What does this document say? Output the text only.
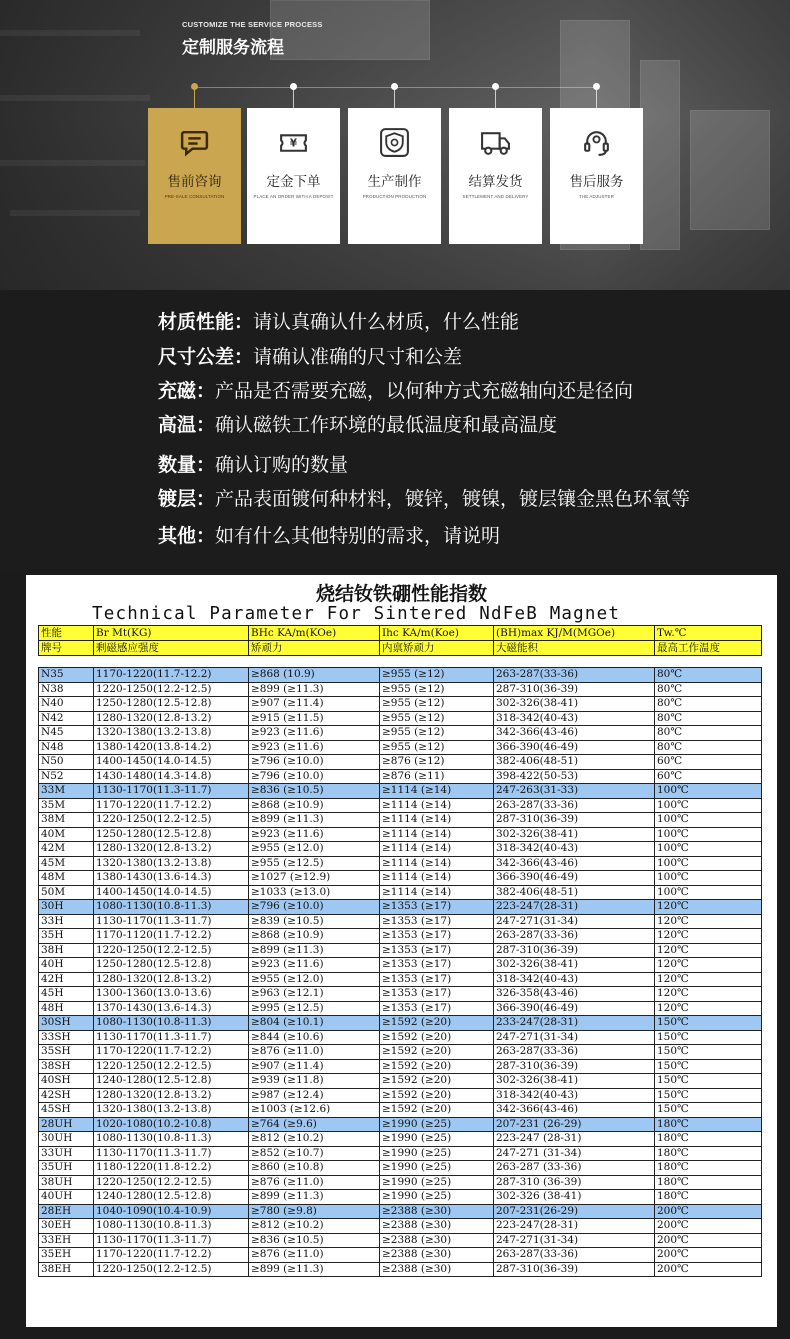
CUSTOMIZE THE SERVICE PROCESS
定制服务流程
售前咨询
PRE-SALE CONSULTATION
¥
定金下单
PLACE AN ORDER WITH A DEPOSIT
生产制作
PRODUCTION PRODUCTION
结算发货
SETTLEMENT AND DELIVERY
售后服务
THE ADJUSTER
材质性能：请认真确认什么材质，什么性能
尺寸公差：请确认准确的尺寸和公差
充磁：产品是否需要充磁，以何种方式充磁轴向还是径向
高温：确认磁铁工作环境的最低温度和最高温度
数量：确认订购的数量
镀层：产品表面镀何种材料，镀锌，镀镍，镀层镶金黑色环氧等
其他：如有什么其他特别的需求，请说明
烧结钕铁硼性能指数
Technical Parameter For Sintered NdFeB Magnet
性能	Br Mt(KG)	BHc KA/m(KOe)	Ihc KA/m(Koe)	(BH)max KJ/M(MGOe)	Tw.℃
牌号	剩磁感应强度	矫顽力	内禀矫顽力	大磁能积	最高工作温度

N35	1170-1220(11.7-12.2)	≥868 (10.9)	≥955 (≥12)	263-287(33-36)	80℃
N38	1220-1250(12.2-12.5)	≥899 (≥11.3)	≥955 (≥12)	287-310(36-39)	80℃
N40	1250-1280(12.5-12.8)	≥907 (≥11.4)	≥955 (≥12)	302-326(38-41)	80℃
N42	1280-1320(12.8-13.2)	≥915 (≥11.5)	≥955 (≥12)	318-342(40-43)	80℃
N45	1320-1380(13.2-13.8)	≥923 (≥11.6)	≥955 (≥12)	342-366(43-46)	80℃
N48	1380-1420(13.8-14.2)	≥923 (≥11.6)	≥955 (≥12)	366-390(46-49)	80℃
N50	1400-1450(14.0-14.5)	≥796 (≥10.0)	≥876 (≥12)	382-406(48-51)	60℃
N52	1430-1480(14.3-14.8)	≥796 (≥10.0)	≥876 (≥11)	398-422(50-53)	60℃
33M	1130-1170(11.3-11.7)	≥836 (≥10.5)	≥1114 (≥14)	247-263(31-33)	100℃
35M	1170-1220(11.7-12.2)	≥868 (≥10.9)	≥1114 (≥14)	263-287(33-36)	100℃
38M	1220-1250(12.2-12.5)	≥899 (≥11.3)	≥1114 (≥14)	287-310(36-39)	100℃
40M	1250-1280(12.5-12.8)	≥923 (≥11.6)	≥1114 (≥14)	302-326(38-41)	100℃
42M	1280-1320(12.8-13.2)	≥955 (≥12.0)	≥1114 (≥14)	318-342(40-43)	100℃
45M	1320-1380(13.2-13.8)	≥955 (≥12.5)	≥1114 (≥14)	342-366(43-46)	100℃
48M	1380-1430(13.6-14.3)	≥1027 (≥12.9)	≥1114 (≥14)	366-390(46-49)	100℃
50M	1400-1450(14.0-14.5)	≥1033 (≥13.0)	≥1114 (≥14)	382-406(48-51)	100℃
30H	1080-1130(10.8-11.3)	≥796 (≥10.0)	≥1353 (≥17)	223-247(28-31)	120℃
33H	1130-1170(11.3-11.7)	≥839 (≥10.5)	≥1353 (≥17)	247-271(31-34)	120℃
35H	1170-1120(11.7-12.2)	≥868 (≥10.9)	≥1353 (≥17)	263-287(33-36)	120℃
38H	1220-1250(12.2-12.5)	≥899 (≥11.3)	≥1353 (≥17)	287-310(36-39)	120℃
40H	1250-1280(12.5-12.8)	≥923 (≥11.6)	≥1353 (≥17)	302-326(38-41)	120℃
42H	1280-1320(12.8-13.2)	≥955 (≥12.0)	≥1353 (≥17)	318-342(40-43)	120℃
45H	1300-1360(13.0-13.6)	≥963 (≥12.1)	≥1353 (≥17)	326-358(43-46)	120℃
48H	1370-1430(13.6-14.3)	≥995 (≥12.5)	≥1353 (≥17)	366-390(46-49)	120℃
30SH	1080-1130(10.8-11.3)	≥804 (≥10.1)	≥1592 (≥20)	233-247(28-31)	150℃
33SH	1130-1170(11.3-11.7)	≥844 (≥10.6)	≥1592 (≥20)	247-271(31-34)	150℃
35SH	1170-1220(11.7-12.2)	≥876 (≥11.0)	≥1592 (≥20)	263-287(33-36)	150℃
38SH	1220-1250(12.2-12.5)	≥907 (≥11.4)	≥1592 (≥20)	287-310(36-39)	150℃
40SH	1240-1280(12.5-12.8)	≥939 (≥11.8)	≥1592 (≥20)	302-326(38-41)	150℃
42SH	1280-1320(12.8-13.2)	≥987 (≥12.4)	≥1592 (≥20)	318-342(40-43)	150℃
45SH	1320-1380(13.2-13.8)	≥1003 (≥12.6)	≥1592 (≥20)	342-366(43-46)	150℃
28UH	1020-1080(10.2-10.8)	≥764 (≥9.6)	≥1990 (≥25)	207-231 (26-29)	180℃
30UH	1080-1130(10.8-11.3)	≥812 (≥10.2)	≥1990 (≥25)	223-247 (28-31)	180℃
33UH	1130-1170(11.3-11.7)	≥852 (≥10.7)	≥1990 (≥25)	247-271 (31-34)	180℃
35UH	1180-1220(11.8-12.2)	≥860 (≥10.8)	≥1990 (≥25)	263-287 (33-36)	180℃
38UH	1220-1250(12.2-12.5)	≥876 (≥11.0)	≥1990 (≥25)	287-310 (36-39)	180℃
40UH	1240-1280(12.5-12.8)	≥899 (≥11.3)	≥1990 (≥25)	302-326 (38-41)	180℃
28EH	1040-1090(10.4-10.9)	≥780 (≥9.8)	≥2388 (≥30)	207-231(26-29)	200℃
30EH	1080-1130(10.8-11.3)	≥812 (≥10.2)	≥2388 (≥30)	223-247(28-31)	200℃
33EH	1130-1170(11.3-11.7)	≥836 (≥10.5)	≥2388 (≥30)	247-271(31-34)	200℃
35EH	1170-1220(11.7-12.2)	≥876 (≥11.0)	≥2388 (≥30)	263-287(33-36)	200℃
38EH	1220-1250(12.2-12.5)	≥899 (≥11.3)	≥2388 (≥30)	287-310(36-39)	200℃
